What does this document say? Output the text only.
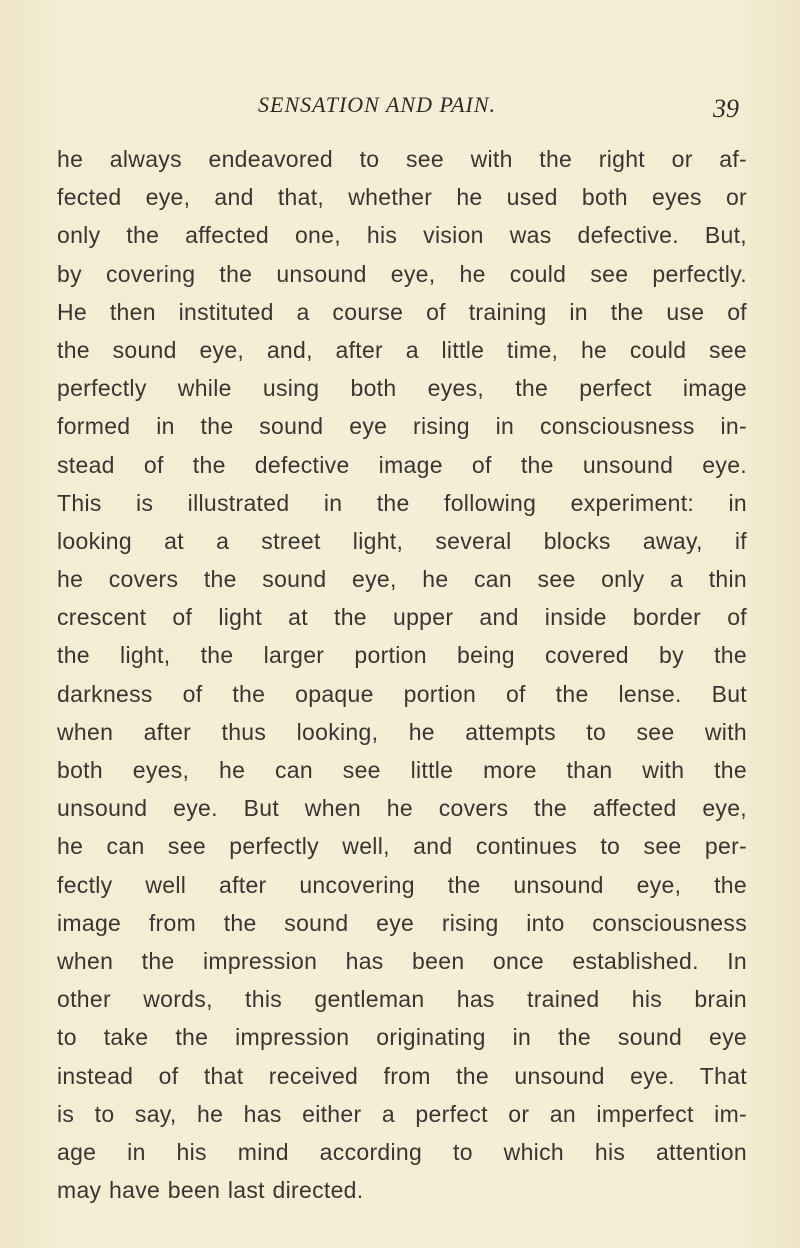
SENSATION AND PAIN.	39
he always endeavored to see with the right or af-
fected eye, and that, whether he used both eyes or
only the affected one, his vision was defective. But,
by covering the unsound eye, he could see perfectly.
He then instituted a course of training in the use of
the sound eye, and, after a little time, he could see
perfectly while using both eyes, the perfect image
formed in the sound eye rising in consciousness in-
stead of the defective image of the unsound eye.
This is illustrated in the following experiment: in
looking at a street light, several blocks away, if
he covers the sound eye, he can see only a thin
crescent of light at the upper and inside border of
the light, the larger portion being covered by the
darkness of the opaque portion of the lense. But
when after thus looking, he attempts to see with
both eyes, he can see little more than with the
unsound eye. But when he covers the affected eye,
he can see perfectly well, and continues to see per-
fectly well after uncovering the unsound eye, the
image from the sound eye rising into consciousness
when the impression has been once established. In
other words, this gentleman has trained his brain
to take the impression originating in the sound eye
instead of that received from the unsound eye. That
is to say, he has either a perfect or an imperfect im-
age in his mind according to which his attention
may have been last directed.
